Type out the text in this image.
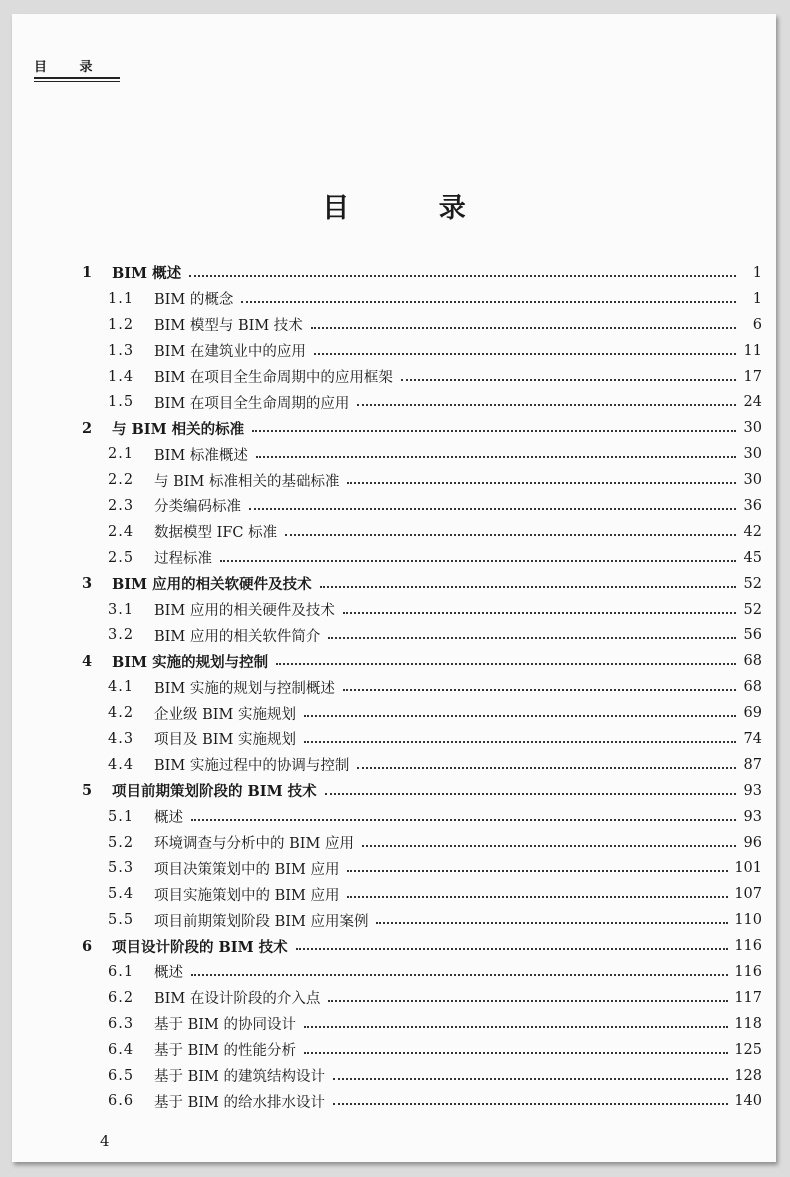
目 录
目 录
1	BIM 概述	1
1.1	BIM 的概念	1
1.2	BIM 模型与 BIM 技术	6
1.3	BIM 在建筑业中的应用	11
1.4	BIM 在项目全生命周期中的应用框架	17
1.5	BIM 在项目全生命周期的应用	24
2	与 BIM 相关的标准	30
2.1	BIM 标准概述	30
2.2	与 BIM 标准相关的基础标准	30
2.3	分类编码标准	36
2.4	数据模型 IFC 标准	42
2.5	过程标准	45
3	BIM 应用的相关软硬件及技术	52
3.1	BIM 应用的相关硬件及技术	52
3.2	BIM 应用的相关软件简介	56
4	BIM 实施的规划与控制	68
4.1	BIM 实施的规划与控制概述	68
4.2	企业级 BIM 实施规划	69
4.3	项目及 BIM 实施规划	74
4.4	BIM 实施过程中的协调与控制	87
5	项目前期策划阶段的 BIM 技术	93
5.1	概述	93
5.2	环境调查与分析中的 BIM 应用	96
5.3	项目决策策划中的 BIM 应用	101
5.4	项目实施策划中的 BIM 应用	107
5.5	项目前期策划阶段 BIM 应用案例	110
6	项目设计阶段的 BIM 技术	116
6.1	概述	116
6.2	BIM 在设计阶段的介入点	117
6.3	基于 BIM 的协同设计	118
6.4	基于 BIM 的性能分析	125
6.5	基于 BIM 的建筑结构设计	128
6.6	基于 BIM 的给水排水设计	140
4
